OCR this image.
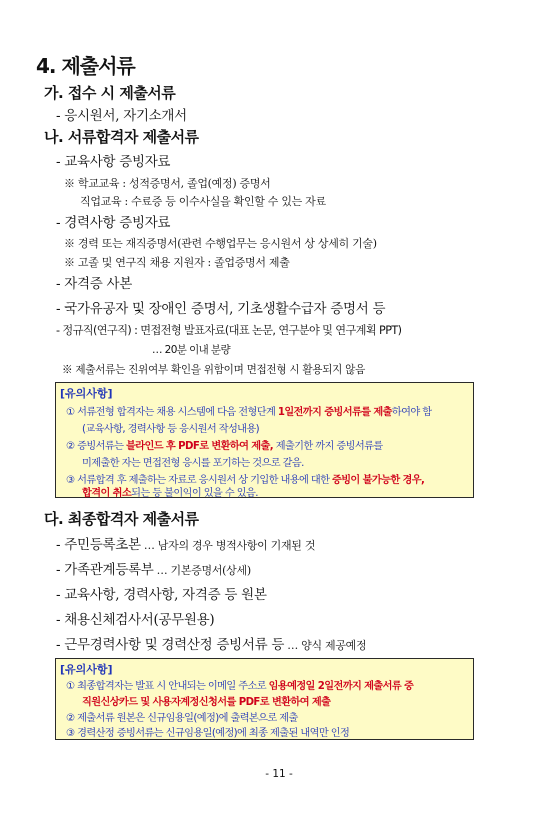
4. 제출서류
가. 접수 시 제출서류
- 응시원서, 자기소개서
나. 서류합격자 제출서류
- 교육사항 증빙자료
※ 학교교육 : 성적증명서, 졸업(예정) 증명서
직업교육 : 수료증 등 이수사실을 확인할 수 있는 자료
- 경력사항 증빙자료
※ 경력 또는 재직증명서(관련 수행업무는 응시원서 상 상세히 기술)
※ 고졸 및 연구직 채용 지원자 : 졸업증명서 제출
- 자격증 사본
- 국가유공자 및 장애인 증명서, 기초생활수급자 증명서 등
- 정규직(연구직) : 면접전형 발표자료(대표 논문, 연구분야 및 연구계획 PPT)
… 20분 이내 분량
※ 제출서류는 진위여부 확인을 위함이며 면접전형 시 활용되지 않음
[유의사항]
① 서류전형 합격자는 채용 시스템에 다음 전형단계 1일전까지 증빙서류를 제출하여야 함
(교육사항, 경력사항 등 응시원서 작성내용)
② 증빙서류는 블라인드 후 PDF로 변환하여 제출, 제출기한 까지 증빙서류를
미제출한 자는 면접전형 응시를 포기하는 것으로 갈음.
③ 서류합격 후 제출하는 자료로 응시원서 상 기입한 내용에 대한 증빙이 불가능한 경우,
합격이 취소되는 등 불이익이 있을 수 있음.
다. 최종합격자 제출서류
- 주민등록초본 … 남자의 경우 병적사항이 기재된 것
- 가족관계등록부 … 기본증명서(상세)
- 교육사항, 경력사항, 자격증 등 원본
- 채용신체검사서(공무원용)
- 근무경력사항 및 경력산정 증빙서류 등 … 양식 제공예정
[유의사항]
① 최종합격자는 발표 시 안내되는 이메일 주소로 임용예정일 2일전까지 제출서류 중
직원신상카드 및 사용자계정신청서를 PDF로 변환하여 제출
② 제출서류 원본은 신규임용일(예정)에 출력본으로 제출
③ 경력산정 증빙서류는 신규임용일(예정)에 최종 제출된 내역만 인정
- 11 -
